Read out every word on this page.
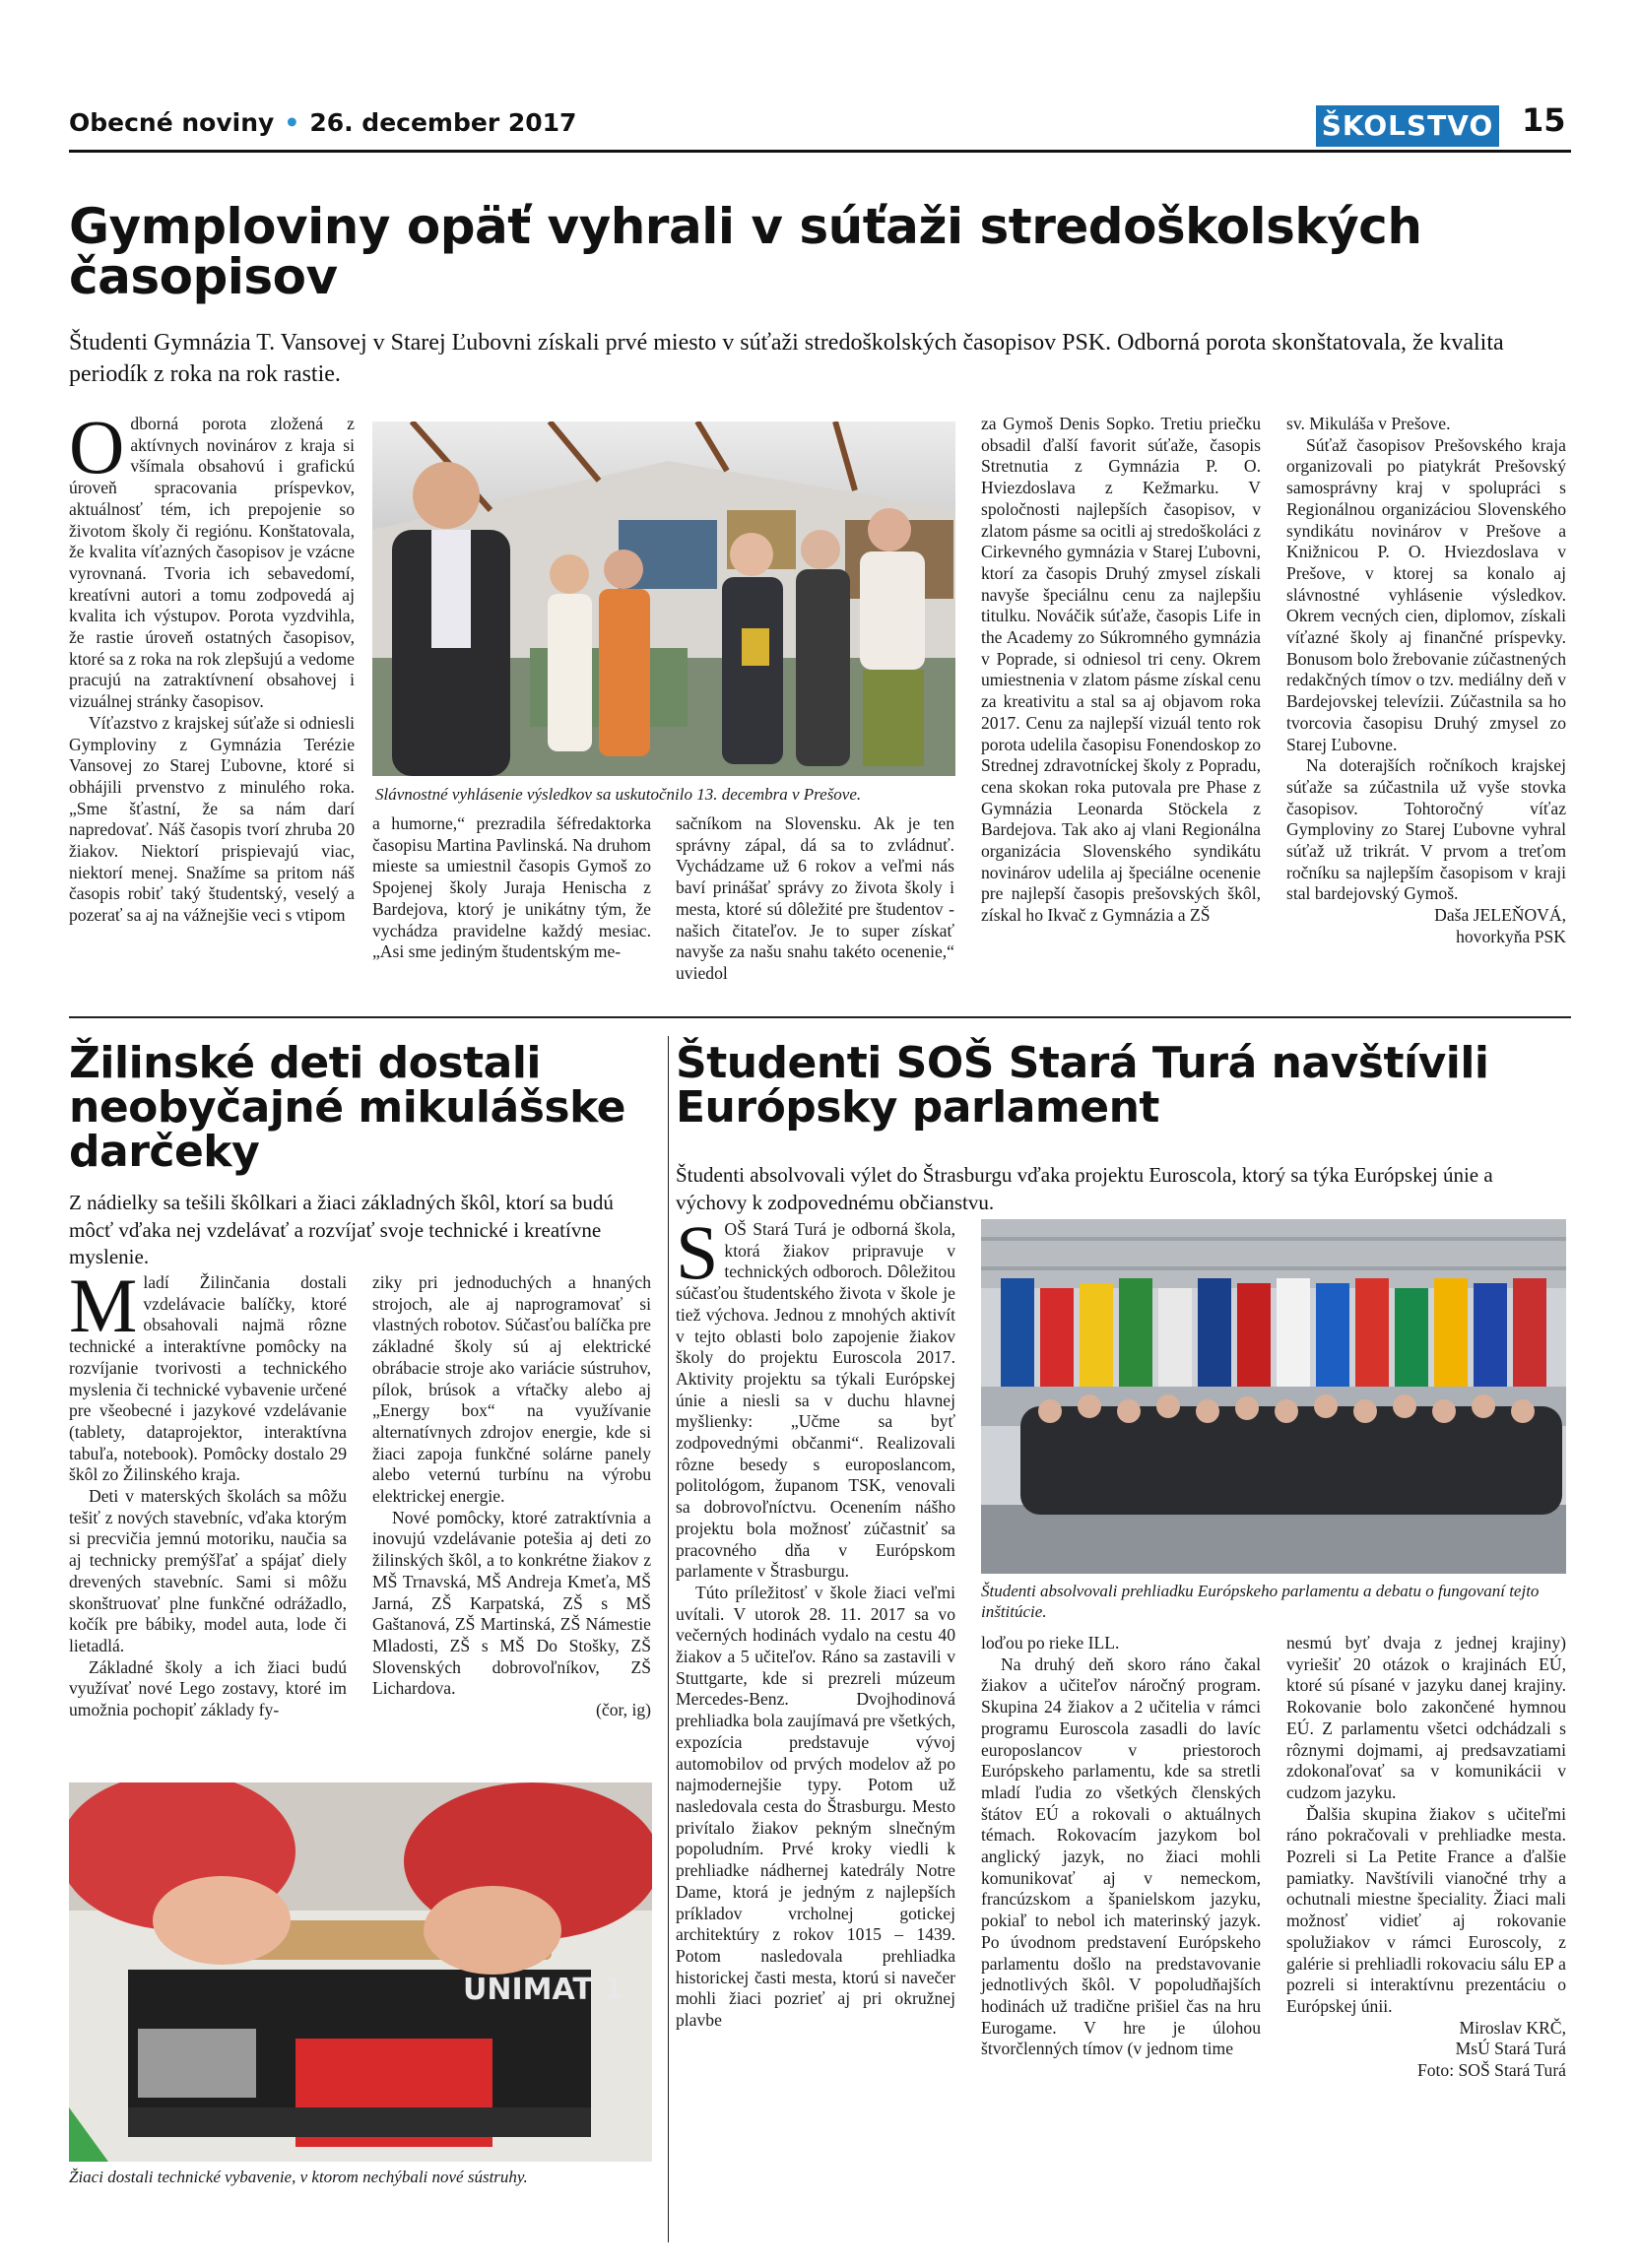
Obecné noviny • 26. december 2017	ŠKOLSTVO 15
Gymploviny opäť vyhrali v súťaži stredoškolských
časopisov
Študenti Gymnázia T. Vansovej v Starej Ľubovni získali prvé miesto v súťaži stredoškolských časopisov PSK. Odborná porota skonštatovala, že kvalita periodík z roka na rok rastie.

Odborná porota zložená z aktívnych novinárov z kraja si všímala obsahovú i grafickú úroveň spracovania príspevkov, aktuálnosť tém, ich prepojenie so životom školy či regiónu. Konštatovala, že kvalita víťazných časopisov je vzácne vyrovnaná. Tvoria ich sebavedomí, kreatívni autori a tomu zodpovedá aj kvalita ich výstupov. Porota vyzdvihla, že rastie úroveň ostatných časopisov, ktoré sa z roka na rok zlepšujú a vedome pracujú na zatraktívnení obsahovej i vizuálnej stránky časopisov.

Víťazstvo z krajskej súťaže si odniesli Gymploviny z Gymnázia Terézie Vansovej zo Starej Ľubovne, ktoré si obhájili prvenstvo z minulého roka. „Sme šťastní, že sa nám darí napredovať. Náš časopis tvorí zhruba 20 žiakov. Niektorí prispievajú viac, niektorí menej. Snažíme sa pritom náš časopis robiť taký študentský, veselý a pozerať sa aj na vážnejšie veci s vtipom

Slávnostné vyhlásenie výsledkov sa uskutočnilo 13. decembra v Prešove.

a humorne,“ prezradila šéfredaktorka časopisu Martina Pavlinská. Na druhom mieste sa umiestnil časopis Gymoš zo Spojenej školy Juraja Henischa z Bardejova, ktorý je unikátny tým, že vychádza pravidelne každý mesiac. „Asi sme jediným študentským me-

sačníkom na Slovensku. Ak je ten správny zápal, dá sa to zvládnuť. Vychádzame už 6 rokov a veľmi nás baví prinášať správy zo života školy i mesta, ktoré sú dôležité pre študentov - našich čitateľov. Je to super získať navyše za našu snahu takéto ocenenie,“ uviedol

za Gymoš Denis Sopko. Tretiu priečku obsadil ďalší favorit súťaže, časopis Stretnutia z Gymnázia P. O. Hviezdoslava z Kežmarku. V spoločnosti najlepších časopisov, v zlatom pásme sa ocitli aj stredoškoláci z Cirkevného gymnázia v Starej Ľubovni, ktorí za časopis Druhý zmysel získali navyše špeciálnu cenu za najlepšiu titulku. Nováčik súťaže, časopis Life in the Academy zo Súkromného gymnázia v Poprade, si odniesol tri ceny. Okrem umiestnenia v zlatom pásme získal cenu za kreativitu a stal sa aj objavom roka 2017. Cenu za najlepší vizuál tento rok porota udelila časopisu Fonendoskop zo Strednej zdravotníckej školy z Popradu, cena skokan roka putovala pre Phase z Gymnázia Leonarda Stöckela z Bardejova. Tak ako aj vlani Regionálna organizácia Slovenského syndikátu novinárov udelila aj špeciálne ocenenie pre najlepší časopis prešovských škôl, získal ho Ikvač z Gymnázia a ZŠ

sv. Mikuláša v Prešove.

Súťaž časopisov Prešovského kraja organizovali po piatykrát Prešovský samosprávny kraj v spolupráci s Regionálnou organizáciou Slovenského syndikátu novinárov v Prešove a Knižnicou P. O. Hviezdoslava v Prešove, v ktorej sa konalo aj slávnostné vyhlásenie výsledkov. Okrem vecných cien, diplomov, získali víťazné školy aj finančné príspevky. Bonusom bolo žrebovanie zúčastnených redakčných tímov o tzv. mediálny deň v Bardejovskej televízii. Zúčastnila sa ho tvorcovia časopisu Druhý zmysel zo Starej Ľubovne.

Na doterajších ročníkoch krajskej súťaže sa zúčastnila už vyše stovka časopisov. Tohtoročný víťaz Gymploviny zo Starej Ľubovne vyhral súťaž už trikrát. V prvom a treťom ročníku sa najlepším časopisom v kraji stal bardejovský Gymoš.

Daša JELEŇOVÁ,
hovorkyňa PSK
Žilinské deti dostali
neobyčajné mikulášske
darčeky
Z nádielky sa tešili škôlkari a žiaci základných škôl, ktorí sa budú môcť vďaka nej vzdelávať a rozvíjať svoje technické i kreatívne myslenie.

Mladí Žilinčania dostali vzdelávacie balíčky, ktoré obsahovali najmä rôzne technické a interaktívne pomôcky na rozvíjanie tvorivosti a technického myslenia či technické vybavenie určené pre všeobecné i jazykové vzdelávanie (tablety, dataprojektor, interaktívna tabuľa, notebook). Pomôcky dostalo 29 škôl zo Žilinského kraja.

Deti v materských školách sa môžu tešiť z nových stavebníc, vďaka ktorým si precvičia jemnú motoriku, naučia sa aj technicky premýšľať a spájať diely drevených stavebníc. Sami si môžu skonštruovať plne funkčné odrážadlo, kočík pre bábiky, model auta, lode či lietadlá.

Základné školy a ich žiaci budú využívať nové Lego zostavy, ktoré im umožnia pochopiť základy fy-

ziky pri jednoduchých a hnaných strojoch, ale aj naprogramovať si vlastných robotov. Súčasťou balíčka pre základné školy sú aj elektrické obrábacie stroje ako variácie sústruhov, pílok, brúsok a vŕtačky alebo aj „Energy box“ na využívanie alternatívnych zdrojov energie, kde si žiaci zapoja funkčné solárne panely alebo veternú turbínu na výrobu elektrickej energie.

Nové pomôcky, ktoré zatraktívnia a inovujú vzdelávanie potešia aj deti zo žilinských škôl, a to konkrétne žiakov z MŠ Trnavská, MŠ Andreja Kmeťa, MŠ Jarná, ZŠ Karpatská, ZŠ s MŠ Gaštanová, ZŠ Martinská, ZŠ Námestie Mladosti, ZŠ s MŠ Do Stošky, ZŠ Slovenských dobrovoľníkov, ZŠ Lichardova.

(čor, ig)
UNIMAT 1
Žiaci dostali technické vybavenie, v ktorom nechýbali nové sústruhy.
Študenti SOŠ Stará Turá navštívili
Európsky parlament
Študenti absolvovali výlet do Štrasburgu vďaka projektu Euroscola, ktorý sa týka Európskej únie a výchovy k zodpovednému občianstvu.

SOŠ Stará Turá je odborná škola, ktorá žiakov pripravuje v technických odboroch. Dôležitou súčasťou študentského života v škole je tiež výchova. Jednou z mnohých aktivít v tejto oblasti bolo zapojenie žiakov školy do projektu Euroscola 2017. Aktivity projektu sa týkali Európskej únie a niesli sa v duchu hlavnej myšlienky: „Učme sa byť zodpovednými občanmi“. Realizovali rôzne besedy s europoslancom, politológom, županom TSK, venovali sa dobrovoľníctvu. Ocenením nášho projektu bola možnosť zúčastniť sa pracovného dňa v Európskom parlamente v Štrasburgu.

Túto príležitosť v škole žiaci veľmi uvítali. V utorok 28. 11. 2017 sa vo večerných hodinách vydalo na cestu 40 žiakov a 5 učiteľov. Ráno sa zastavili v Stuttgarte, kde si prezreli múzeum Mercedes-Benz. Dvojhodinová prehliadka bola zaujímavá pre všetkých, expozícia predstavuje vývoj automobilov od prvých modelov až po najmodernejšie typy. Potom už nasledovala cesta do Štrasburgu. Mesto privítalo žiakov pekným slnečným popoludním. Prvé kroky viedli k prehliadke nádhernej katedrály Notre Dame, ktorá je jedným z najlepších príkladov vrcholnej gotickej architektúry z rokov 1015 – 1439. Potom nasledovala prehliadka historickej časti mesta, ktorú si navečer mohli žiaci pozrieť aj pri okružnej plavbe

Študenti absolvovali prehliadku Európskeho parlamentu a debatu o fungovaní tejto inštitúcie.

loďou po rieke ILL.

Na druhý deň skoro ráno čakal žiakov a učiteľov náročný program. Skupina 24 žiakov a 2 učitelia v rámci programu Euroscola zasadli do lavíc europoslancov v priestoroch Európskeho parlamentu, kde sa stretli mladí ľudia zo všetkých členských štátov EÚ a rokovali o aktuálnych témach. Rokovacím jazykom bol anglický jazyk, no žiaci mohli komunikovať aj v nemeckom, francúzskom a španielskom jazyku, pokiaľ to nebol ich materinský jazyk. Po úvodnom predstavení Európskeho parlamentu došlo na predstavovanie jednotlivých škôl. V popoludňajších hodinách už tradične prišiel čas na hru Eurogame. V hre je úlohou štvorčlenných tímov (v jednom time

nesmú byť dvaja z jednej krajiny) vyriešiť 20 otázok o krajinách EÚ, ktoré sú písané v jazyku danej krajiny. Rokovanie bolo zakončené hymnou EÚ. Z parlamentu všetci odchádzali s rôznymi dojmami, aj predsavzatiami zdokonaľovať sa v komunikácii v cudzom jazyku.

Ďalšia skupina žiakov s učiteľmi ráno pokračovali v prehliadke mesta. Pozreli si La Petite France a ďalšie pamiatky. Navštívili vianočné trhy a ochutnali miestne špeciality. Žiaci mali možnosť vidieť aj rokovanie spolužiakov v rámci Euroscoly, z galérie si prehliadli rokovaciu sálu EP a pozreli si interaktívnu prezentáciu o Európskej únii.

Miroslav KRČ,
MsÚ Stará Turá
Foto: SOŠ Stará Turá
